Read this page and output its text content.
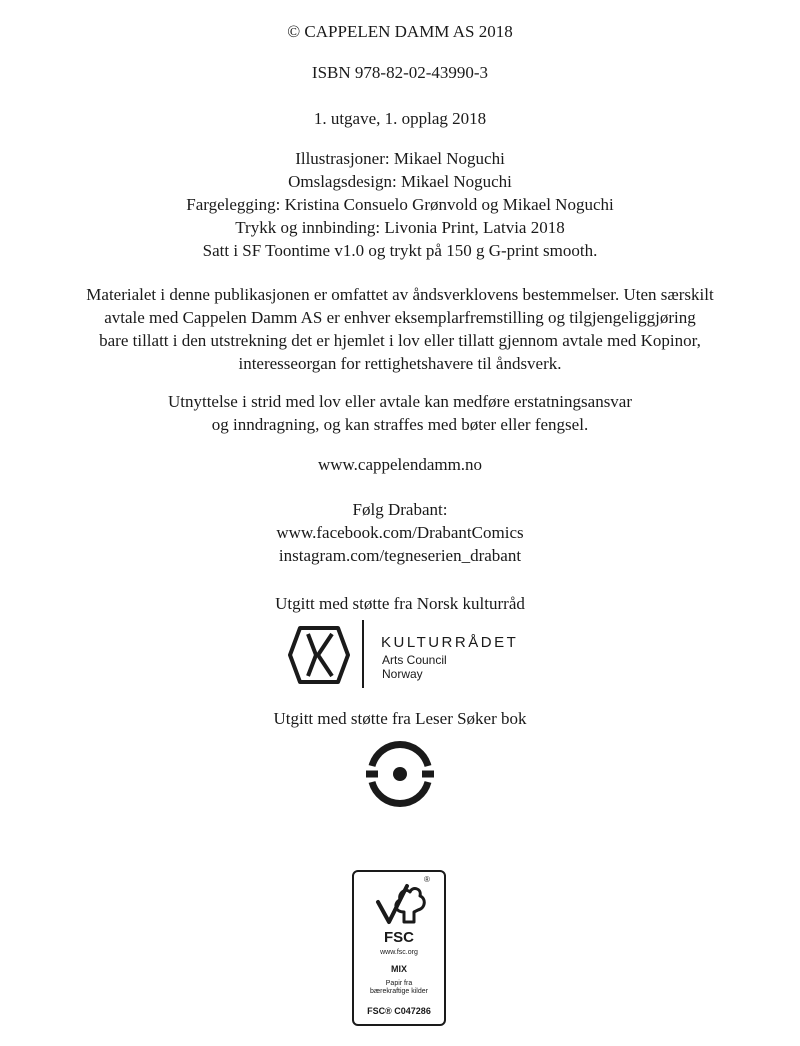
© CAPPELEN DAMM AS 2018
ISBN 978-82-02-43990-3
1. utgave, 1. opplag 2018
Illustrasjoner: Mikael Noguchi
Omslagsdesign: Mikael Noguchi
Fargelegging: Kristina Consuelo Grønvold og Mikael Noguchi
Trykk og innbinding: Livonia Print, Latvia 2018
Satt i SF Toontime v1.0 og trykt på 150 g G-print smooth.
Materialet i denne publikasjonen er omfattet av åndsverklovens bestemmelser. Uten særskilt
avtale med Cappelen Damm AS er enhver eksemplarfremstilling og tilgjengeliggjøring
bare tillatt i den utstrekning det er hjemlet i lov eller tillatt gjennom avtale med Kopinor,
interesseorgan for rettighetshavere til åndsverk.
Utnyttelse i strid med lov eller avtale kan medføre erstatningsansvar
og inndragning, og kan straffes med bøter eller fengsel.
www.cappelendamm.no
Følg Drabant:
www.facebook.com/DrabantComics
instagram.com/tegneserien_drabant
Utgitt med støtte fra Norsk kulturråd
KULTURRÅDET
Arts Council
Norway
Utgitt med støtte fra Leser Søker bok
®
FSC
www.fsc.org
MIX
Papir fra
bærekraftige kilder
FSC® C047286
